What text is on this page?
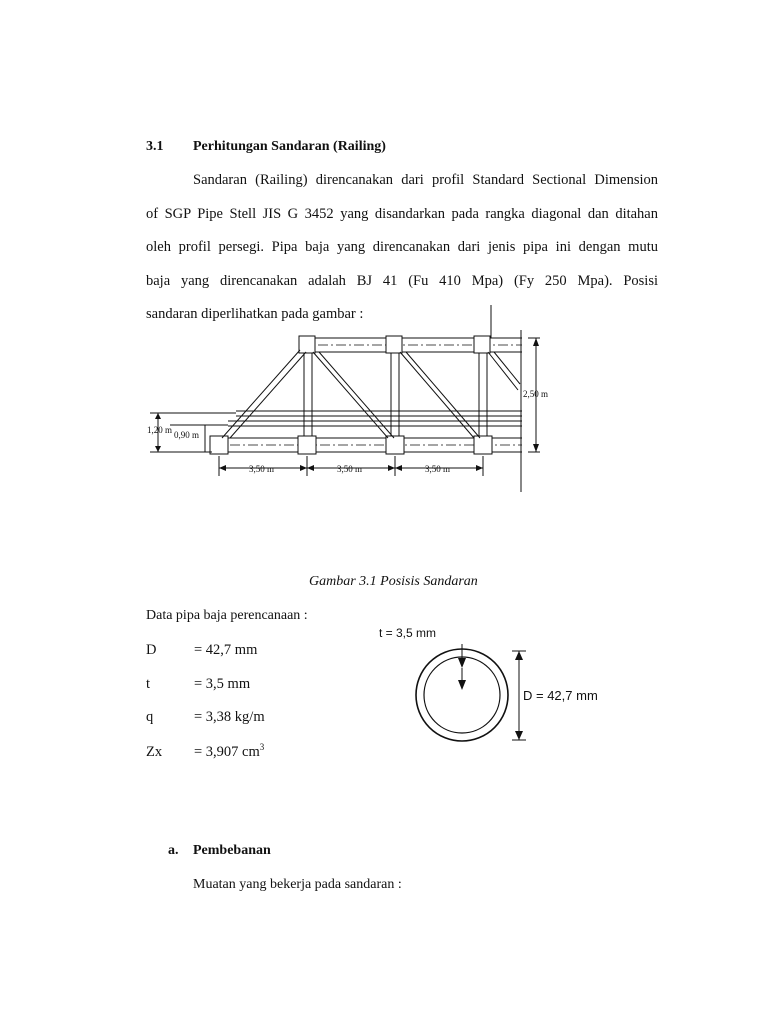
3.1 Perhitungan Sandaran (Railing)
Sandaran (Railing) direncanakan dari profil Standard Sectional Dimension
of SGP Pipe Stell JIS G 3452 yang disandarkan pada rangka diagonal dan ditahan
oleh profil persegi. Pipa baja yang direncanakan dari jenis pipa ini dengan mutu
baja yang direncanakan adalah BJ 41 (Fu 410 Mpa) (Fy 250 Mpa). Posisi
sandaran diperlihatkan pada gambar :
2,50 m
1,20 m 0,90 m
3,50 m	3,50 m	3,50 m
Gambar 3.1 Posisis Sandaran
Data pipa baja perencanaan :
D	= 42,7 mm
t	= 3,5 mm
q	= 3,38 kg/m
Zx = 3,907 $cm^3$
t = 3,5 mm
D = 42,7 mm
a. Pembebanan
Muatan yang bekerja pada sandaran :
